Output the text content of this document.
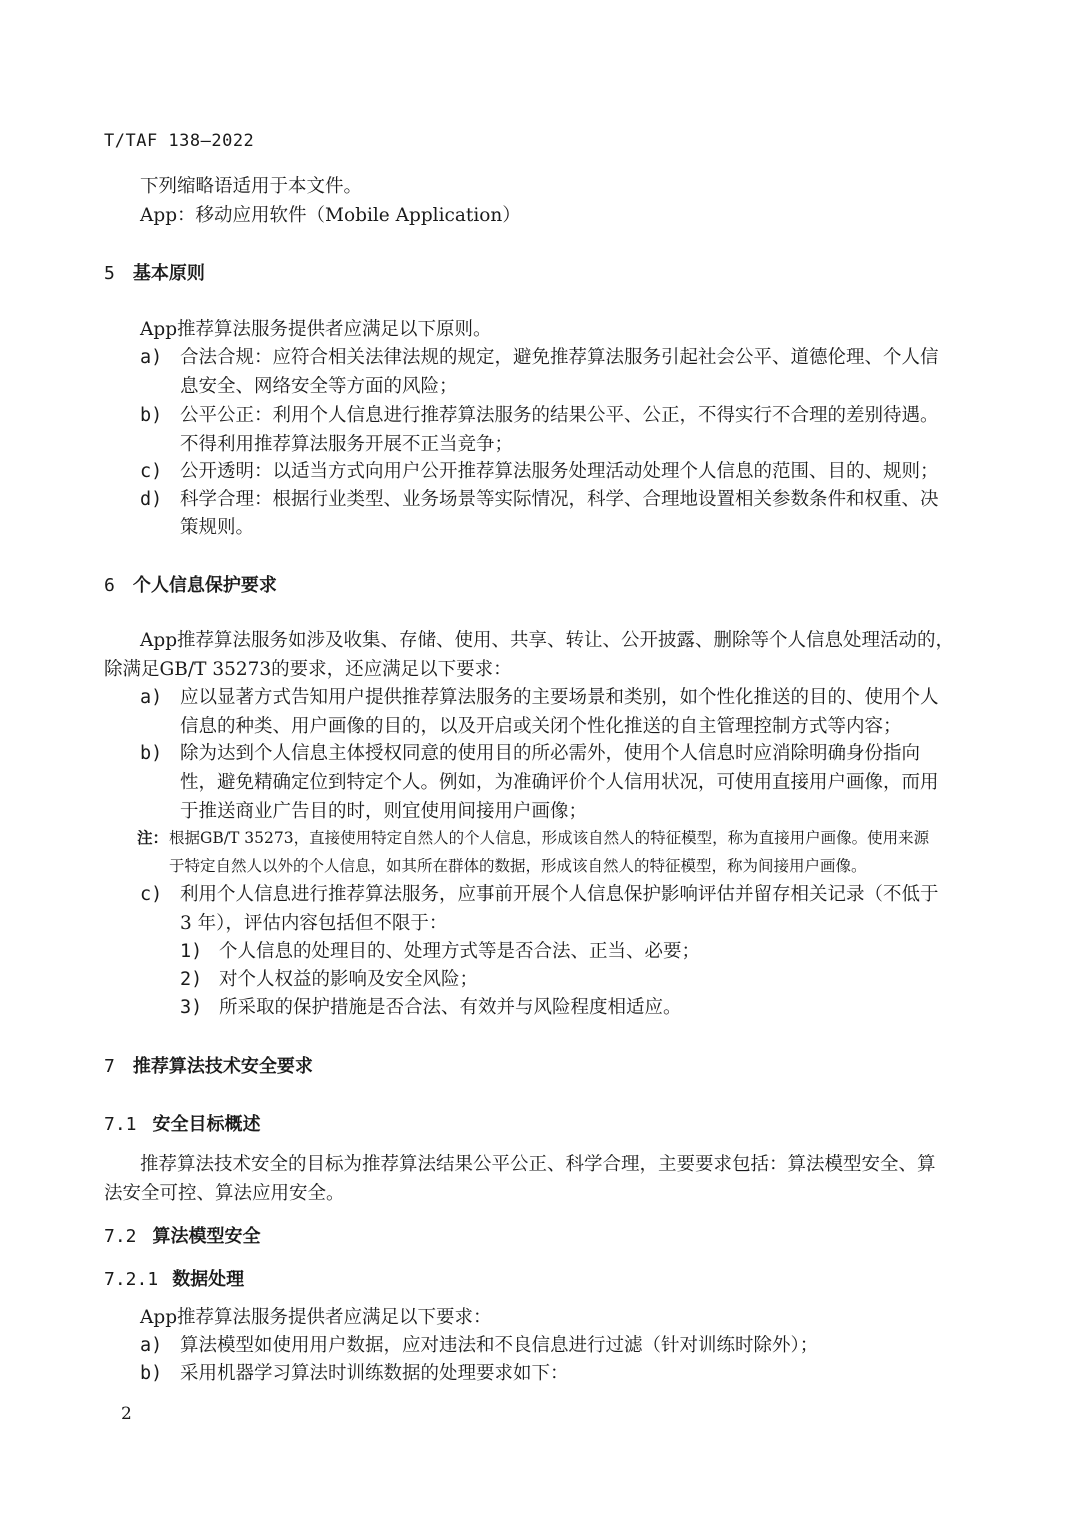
T/TAF 138—2022
下列缩略语适用于本文件。
App：移动应用软件（Mobile Application）
5 基本原则
App推荐算法服务提供者应满足以下原则。
a) 合法合规：应符合相关法律法规的规定，避免推荐算法服务引起社会公平、道德伦理、个人信
息安全、网络安全等方面的风险；
b) 公平公正：利用个人信息进行推荐算法服务的结果公平、公正，不得实行不合理的差别待遇。
不得利用推荐算法服务开展不正当竞争；
c) 公开透明：以适当方式向用户公开推荐算法服务处理活动处理个人信息的范围、目的、规则；
d) 科学合理：根据行业类型、业务场景等实际情况，科学、合理地设置相关参数条件和权重、决
策规则。
6 个人信息保护要求
App推荐算法服务如涉及收集、存储、使用、共享、转让、公开披露、删除等个人信息处理活动的，
除满足GB/T 35273的要求，还应满足以下要求：
a) 应以显著方式告知用户提供推荐算法服务的主要场景和类别，如个性化推送的目的、使用个人
信息的种类、用户画像的目的，以及开启或关闭个性化推送的自主管理控制方式等内容；
b) 除为达到个人信息主体授权同意的使用目的所必需外，使用个人信息时应消除明确身份指向
性，避免精确定位到特定个人。例如，为准确评价个人信用状况，可使用直接用户画像，而用
于推送商业广告目的时，则宜使用间接用户画像；
注： 根据GB/T 35273，直接使用特定自然人的个人信息，形成该自然人的特征模型，称为直接用户画像。使用来源
于特定自然人以外的个人信息，如其所在群体的数据，形成该自然人的特征模型，称为间接用户画像。
c) 利用个人信息进行推荐算法服务，应事前开展个人信息保护影响评估并留存相关记录（不低于
3 年），评估内容包括但不限于：
1) 个人信息的处理目的、处理方式等是否合法、正当、必要；
2) 对个人权益的影响及安全风险；
3) 所采取的保护措施是否合法、有效并与风险程度相适应。
7 推荐算法技术安全要求
7.1 安全目标概述
推荐算法技术安全的目标为推荐算法结果公平公正、科学合理，主要要求包括：算法模型安全、算
法安全可控、算法应用安全。
7.2 算法模型安全
7.2.1 数据处理
App推荐算法服务提供者应满足以下要求：
a) 算法模型如使用用户数据，应对违法和不良信息进行过滤（针对训练时除外）；
b) 采用机器学习算法时训练数据的处理要求如下：
2
